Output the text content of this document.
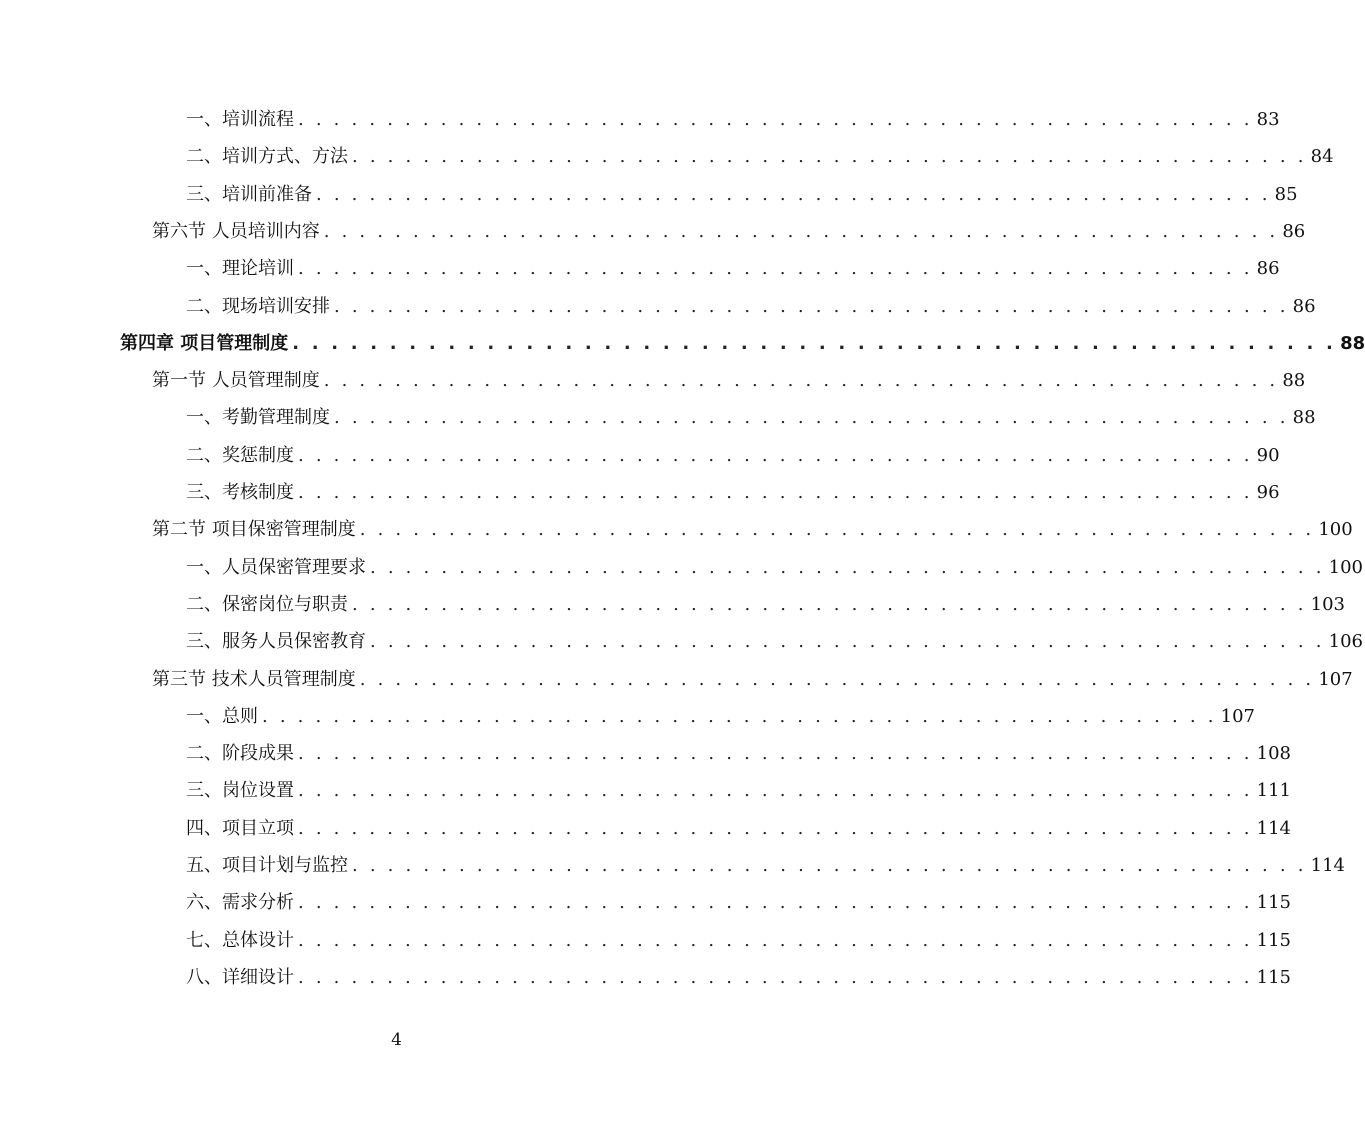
一、培训流程 . . . . . . . . . . . . . . . . . . . . . . . . . . . . . . . . . . . . . . . . . . . . . . . . . . . . . . 83
二、培训方式、方法 . . . . . . . . . . . . . . . . . . . . . . . . . . . . . . . . . . . . . . . . . . . . . . . . . . . . . . 84
三、培训前准备 . . . . . . . . . . . . . . . . . . . . . . . . . . . . . . . . . . . . . . . . . . . . . . . . . . . . . . 85
第六节 人员培训内容 . . . . . . . . . . . . . . . . . . . . . . . . . . . . . . . . . . . . . . . . . . . . . . . . . . . . . . 86
一、理论培训 . . . . . . . . . . . . . . . . . . . . . . . . . . . . . . . . . . . . . . . . . . . . . . . . . . . . . . 86
二、现场培训安排 . . . . . . . . . . . . . . . . . . . . . . . . . . . . . . . . . . . . . . . . . . . . . . . . . . . . . . 86
第四章 项目管理制度 . . . . . . . . . . . . . . . . . . . . . . . . . . . . . . . . . . . . . . . . . . . . . . . . . . . . . . 88
第一节 人员管理制度 . . . . . . . . . . . . . . . . . . . . . . . . . . . . . . . . . . . . . . . . . . . . . . . . . . . . . . 88
一、考勤管理制度 . . . . . . . . . . . . . . . . . . . . . . . . . . . . . . . . . . . . . . . . . . . . . . . . . . . . . . 88
二、奖惩制度 . . . . . . . . . . . . . . . . . . . . . . . . . . . . . . . . . . . . . . . . . . . . . . . . . . . . . . 90
三、考核制度 . . . . . . . . . . . . . . . . . . . . . . . . . . . . . . . . . . . . . . . . . . . . . . . . . . . . . . 96
第二节 项目保密管理制度 . . . . . . . . . . . . . . . . . . . . . . . . . . . . . . . . . . . . . . . . . . . . . . . . . . . . . . 100
一、人员保密管理要求 . . . . . . . . . . . . . . . . . . . . . . . . . . . . . . . . . . . . . . . . . . . . . . . . . . . . . . 100
二、保密岗位与职责 . . . . . . . . . . . . . . . . . . . . . . . . . . . . . . . . . . . . . . . . . . . . . . . . . . . . . . 103
三、服务人员保密教育 . . . . . . . . . . . . . . . . . . . . . . . . . . . . . . . . . . . . . . . . . . . . . . . . . . . . . . 106
第三节 技术人员管理制度 . . . . . . . . . . . . . . . . . . . . . . . . . . . . . . . . . . . . . . . . . . . . . . . . . . . . . . 107
一、总则 . . . . . . . . . . . . . . . . . . . . . . . . . . . . . . . . . . . . . . . . . . . . . . . . . . . . . . 107
二、阶段成果 . . . . . . . . . . . . . . . . . . . . . . . . . . . . . . . . . . . . . . . . . . . . . . . . . . . . . . 108
三、岗位设置 . . . . . . . . . . . . . . . . . . . . . . . . . . . . . . . . . . . . . . . . . . . . . . . . . . . . . . 111
四、项目立项 . . . . . . . . . . . . . . . . . . . . . . . . . . . . . . . . . . . . . . . . . . . . . . . . . . . . . . 114
五、项目计划与监控 . . . . . . . . . . . . . . . . . . . . . . . . . . . . . . . . . . . . . . . . . . . . . . . . . . . . . . 114
六、需求分析 . . . . . . . . . . . . . . . . . . . . . . . . . . . . . . . . . . . . . . . . . . . . . . . . . . . . . . 115
七、总体设计 . . . . . . . . . . . . . . . . . . . . . . . . . . . . . . . . . . . . . . . . . . . . . . . . . . . . . . 115
八、详细设计 . . . . . . . . . . . . . . . . . . . . . . . . . . . . . . . . . . . . . . . . . . . . . . . . . . . . . . 115
4
